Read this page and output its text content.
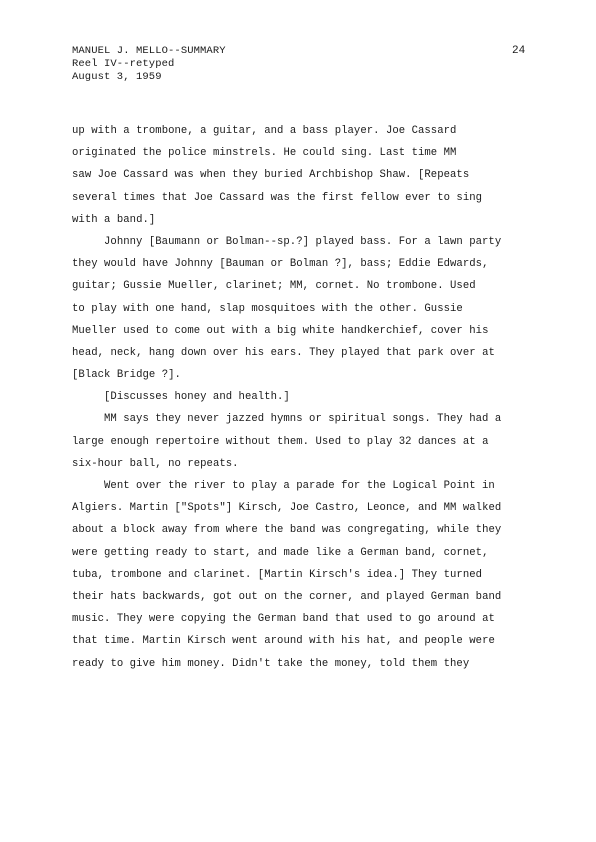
MANUEL J. MELLO--SUMMARY
Reel IV--retyped
August 3, 1959
24
up with a trombone, a guitar, and a bass player. Joe Cassard
originated the police minstrels. He could sing. Last time MM
saw Joe Cassard was when they buried Archbishop Shaw. [Repeats
several times that Joe Cassard was the first fellow ever to sing
with a band.]
Johnny [Baumann or Bolman--sp.?] played bass. For a lawn party
they would have Johnny [Bauman or Bolman ?], bass; Eddie Edwards,
guitar; Gussie Mueller, clarinet; MM, cornet. No trombone. Used
to play with one hand, slap mosquitoes with the other. Gussie
Mueller used to come out with a big white handkerchief, cover his
head, neck, hang down over his ears. They played that park over at
[Black Bridge ?].
[Discusses honey and health.]
MM says they never jazzed hymns or spiritual songs. They had a
large enough repertoire without them. Used to play 32 dances at a
six-hour ball, no repeats.
Went over the river to play a parade for the Logical Point in
Algiers. Martin ["Spots"] Kirsch, Joe Castro, Leonce, and MM walked
about a block away from where the band was congregating, while they
were getting ready to start, and made like a German band, cornet,
tuba, trombone and clarinet. [Martin Kirsch's idea.] They turned
their hats backwards, got out on the corner, and played German band
music. They were copying the German band that used to go around at
that time. Martin Kirsch went around with his hat, and people were
ready to give him money. Didn't take the money, told them they
